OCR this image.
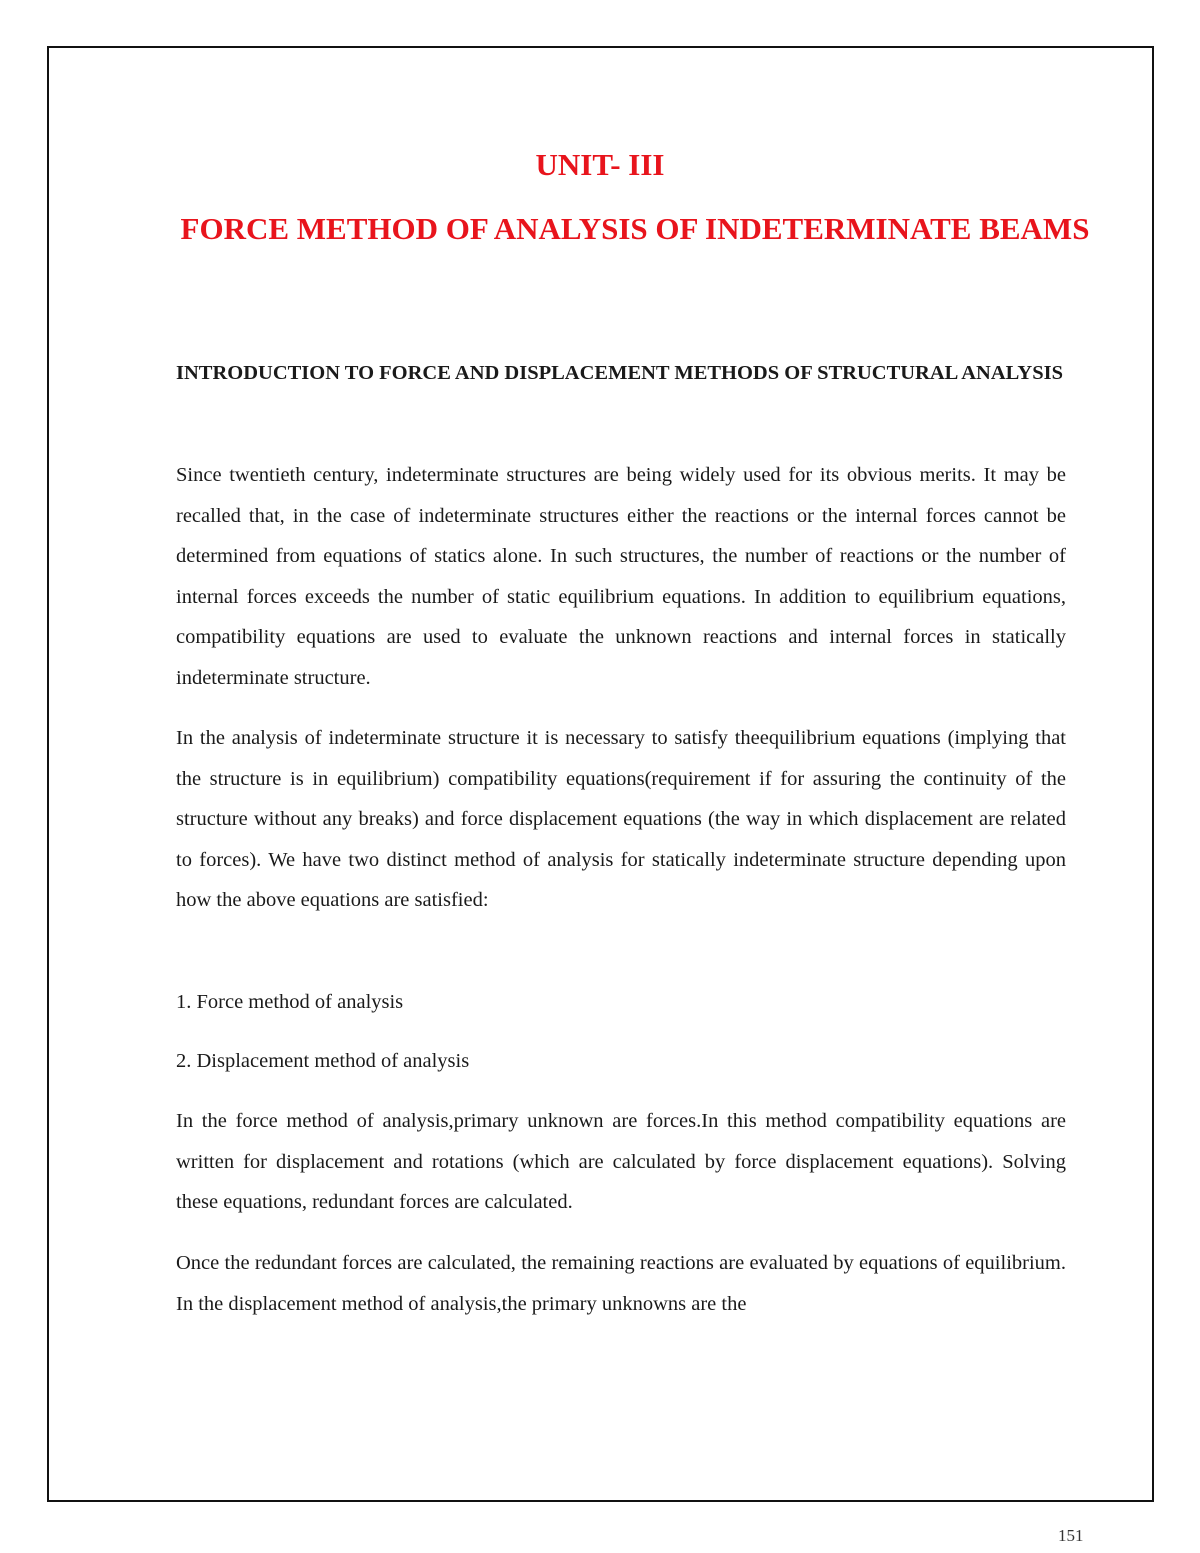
UNIT- III
FORCE METHOD OF ANALYSIS OF INDETERMINATE BEAMS
INTRODUCTION TO FORCE AND DISPLACEMENT METHODS OF STRUCTURAL ANALYSIS

Since twentieth century, indeterminate structures are being widely used for its obvious merits. It may be recalled that, in the case of indeterminate structures either the reactions or the internal forces cannot be determined from equations of statics alone. In such structures, the number of reactions or the number of internal forces exceeds the number of static equilibrium equations. In addition to equilibrium equations, compatibility equations are used to evaluate the unknown reactions and internal forces in statically indeterminate structure.

In the analysis of indeterminate structure it is necessary to satisfy theequilibrium equations (implying that the structure is in equilibrium) compatibility equations(requirement if for assuring the continuity of the structure without any breaks) and force displacement equations (the way in which displacement are related to forces). We have two distinct method of analysis for statically indeterminate structure depending upon how the above equations are satisfied:

1. Force method of analysis

2. Displacement method of analysis

In the force method of analysis,primary unknown are forces.In this method compatibility equations are written for displacement and rotations (which are calculated by force displacement equations). Solving these equations, redundant forces are calculated.

Once the redundant forces are calculated, the remaining reactions are evaluated by equations of equilibrium. In the displacement method of analysis,the primary unknowns are the

151
